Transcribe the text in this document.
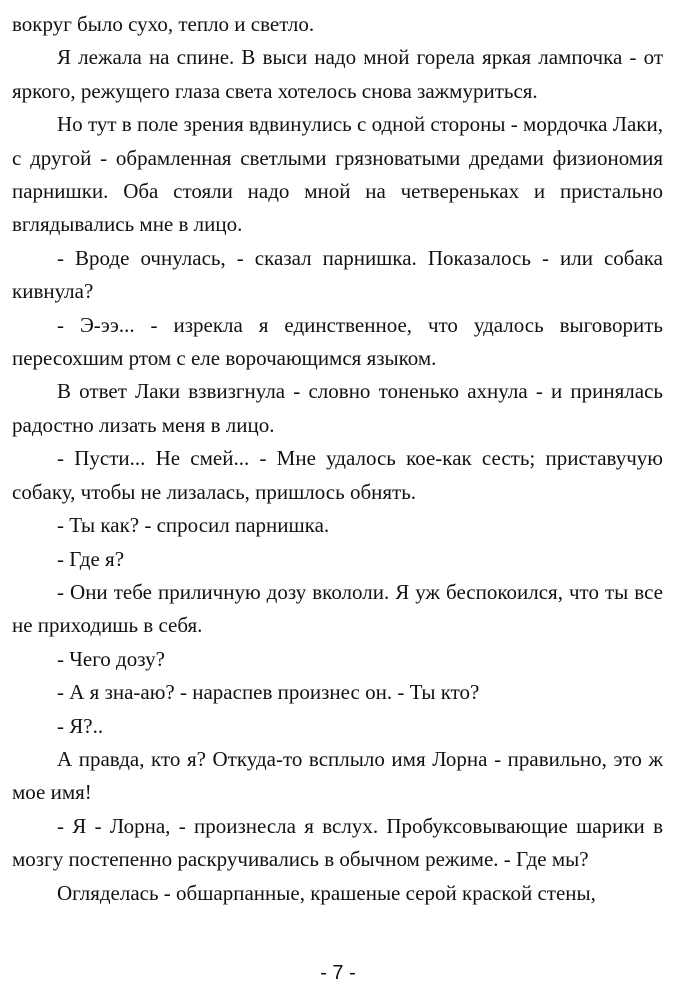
вокруг было сухо, тепло и светло.

Я лежала на спине. В выси надо мной горела яркая лампочка - от яркого, режущего глаза света хотелось снова зажмуриться.

Но тут в поле зрения вдвинулись с одной стороны - мордочка Лаки, с другой - обрамленная светлыми грязноватыми дредами физиономия парнишки. Оба стояли надо мной на четвереньках и пристально вглядывались мне в лицо.

- Вроде очнулась, - сказал парнишка. Показалось - или собака кивнула?

- Э-ээ... - изрекла я единственное, что удалось выговорить пересохшим ртом с еле ворочающимся языком.

В ответ Лаки взвизгнула - словно тоненько ахнула - и принялась радостно лизать меня в лицо.

- Пусти... Не смей... - Мне удалось кое-как сесть; приставучую собаку, чтобы не лизалась, пришлось обнять.

- Ты как? - спросил парнишка.

- Где я?

- Они тебе приличную дозу вкололи. Я уж беспокоился, что ты все не приходишь в себя.

- Чего дозу?

- А я зна-аю? - нараспев произнес он. - Ты кто?

- Я?..

А правда, кто я? Откуда-то всплыло имя Лорна - правильно, это ж мое имя!

- Я - Лорна, - произнесла я вслух. Пробуксовывающие шарики в мозгу постепенно раскручивались в обычном режиме. - Где мы?

Огляделась - обшарпанные, крашеные серой краской стены,

- 7 -
